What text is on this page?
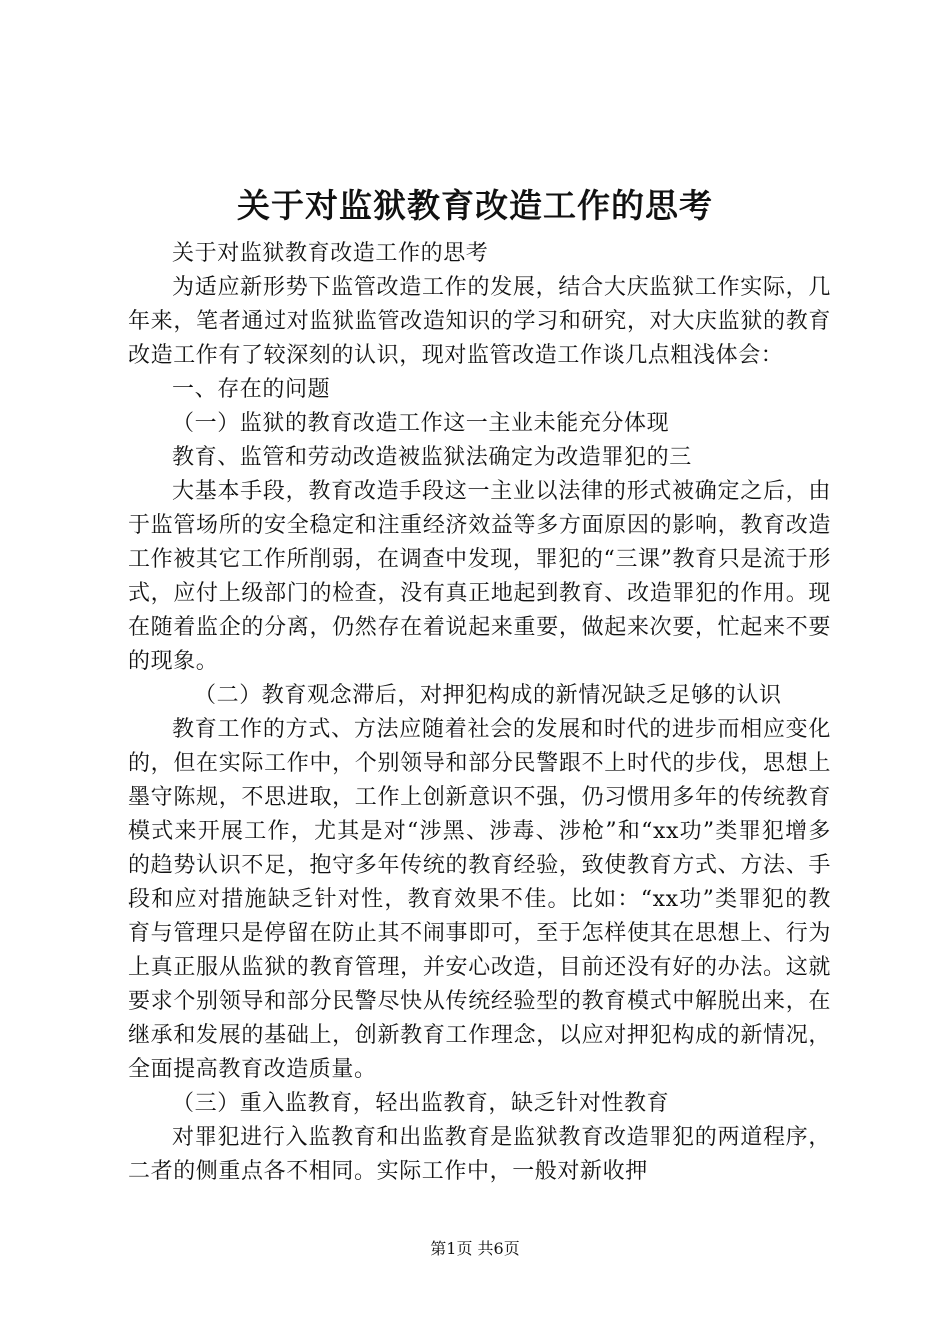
关于对监狱教育改造工作的思考

关于对监狱教育改造工作的思考

为适应新形势下监管改造工作的发展，结合大庆监狱工作实际，几年来，笔者通过对监狱监管改造知识的学习和研究，对大庆监狱的教育改造工作有了较深刻的认识，现对监管改造工作谈几点粗浅体会：

一、存在的问题

（一）监狱的教育改造工作这一主业未能充分体现

教育、监管和劳动改造被监狱法确定为改造罪犯的三

大基本手段，教育改造手段这一主业以法律的形式被确定之后，由于监管场所的安全稳定和注重经济效益等多方面原因的影响，教育改造工作被其它工作所削弱，在调查中发现，罪犯的“三课”教育只是流于形式，应付上级部门的检查，没有真正地起到教育、改造罪犯的作用。现在随着监企的分离，仍然存在着说起来重要，做起来次要，忙起来不要的现象。

（二）教育观念滞后，对押犯构成的新情况缺乏足够的认识

教育工作的方式、方法应随着社会的发展和时代的进步而相应变化的，但在实际工作中，个别领导和部分民警跟不上时代的步伐，思想上墨守陈规，不思进取，工作上创新意识不强，仍习惯用多年的传统教育模式来开展工作，尤其是对“涉黑、涉毒、涉枪”和“xx功”类罪犯增多的趋势认识不足，抱守多年传统的教育经验，致使教育方式、方法、手段和应对措施缺乏针对性，教育效果不佳。比如：“xx功”类罪犯的教育与管理只是停留在防止其不闹事即可，至于怎样使其在思想上、行为上真正服从监狱的教育管理，并安心改造，目前还没有好的办法。这就要求个别领导和部分民警尽快从传统经验型的教育模式中解脱出来，在继承和发展的基础上，创新教育工作理念，以应对押犯构成的新情况，全面提高教育改造质量。

（三）重入监教育，轻出监教育，缺乏针对性教育

对罪犯进行入监教育和出监教育是监狱教育改造罪犯的两道程序，二者的侧重点各不相同。实际工作中，一般对新收押

第1页 共6页
